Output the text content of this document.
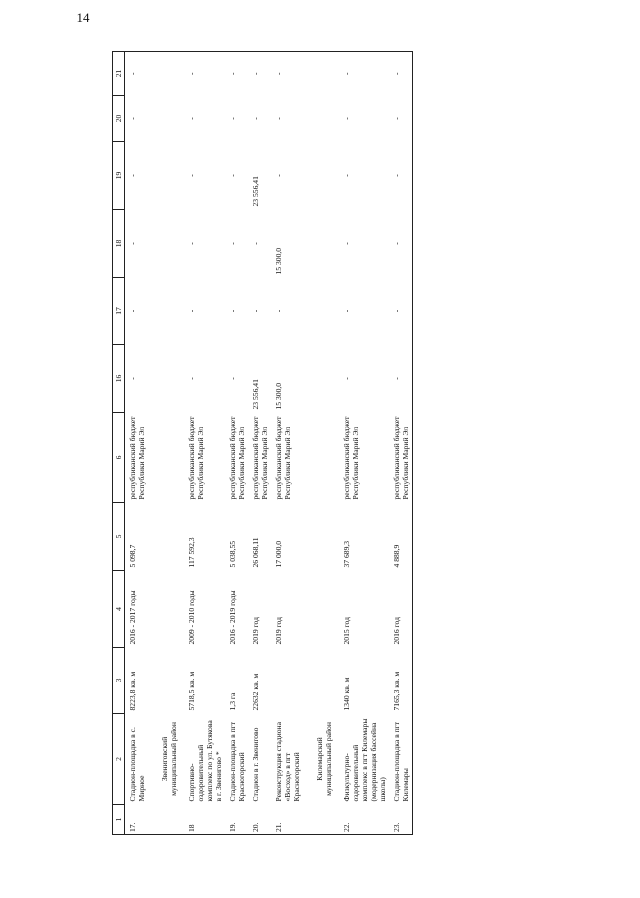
14
1	2	3	4	5	6	16	17	18	19	20	21
17.	Стадион-площадка в с. Мирное	8223,8 кв. м	2016 - 2017 годы	5 098,7	республиканский бюджет Республики Марий Эл	-	-	-	-	-	-
	Звениговский муниципальный район										
18	Спортивно-оздоровительный комплекс по ул. Бутякова в г. Звенигово *	5718,5 кв. м	2009 - 2010 годы	117 592,3	республиканский бюджет Республики Марий Эл	-	-	-	-	-	-
19.	Стадион-площадка в пгт Красногорский	1,3 га	2016 - 2019 годы	5 038,55	республиканский бюджет Республики Марий Эл	-	-	-	-	-	-
20.	Стадион в г. Звенигово	22632 кв. м	2019 год	26 068,11	республиканский бюджет Республики Марий Эл	23 556,41	-	-	23 556,41	-	-
21.	Реконструкция стадиона «Восход» в пгт Красногорский		2019 год	17 000,0	республиканский бюджет Республики Марий Эл	15 300,0	-	15 300,0	-	-	-
	Килемарский муниципальный район										
22.	Физкультурно-оздоровительный комплекс в пгт Килемары (модернизация бассейна школы)	1340 кв. м	2015 год	37 689,3	республиканский бюджет Республики Марий Эл	-	-	-	-	-	-
23.	Стадион-площадка в пгт Килемары	7165,3 кв. м	2016 год	4 888,9	республиканский бюджет Республики Марий Эл	-	-	-	-	-	-
